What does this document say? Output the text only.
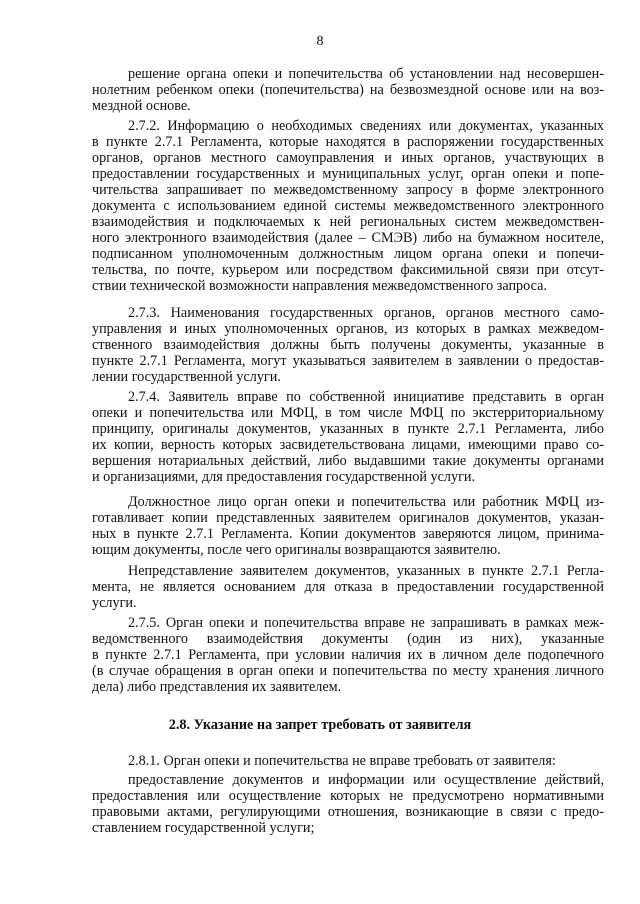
8
решение органа опеки и попечительства об установлении над несовершен-
нолетним ребенком опеки (попечительства) на безвозмездной основе или на воз-
мездной основе.
2.7.2. Информацию о необходимых сведениях или документах, указанных
в пункте 2.7.1 Регламента, которые находятся в распоряжении государственных
органов, органов местного самоуправления и иных органов, участвующих в
предоставлении государственных и муниципальных услуг, орган опеки и попе-
чительства запрашивает по межведомственному запросу в форме электронного
документа с использованием единой системы межведомственного электронного
взаимодействия и подключаемых к ней региональных систем межведомствен-
ного электронного взаимодействия (далее – СМЭВ) либо на бумажном носителе,
подписанном уполномоченным должностным лицом органа опеки и попечи-
тельства, по почте, курьером или посредством факсимильной связи при отсут-
ствии технической возможности направления межведомственного запроса.
2.7.3. Наименования государственных органов, органов местного само-
управления и иных уполномоченных органов, из которых в рамках межведом-
ственного взаимодействия должны быть получены документы, указанные в
пункте 2.7.1 Регламента, могут указываться заявителем в заявлении о предостав-
лении государственной услуги.
2.7.4. Заявитель вправе по собственной инициативе представить в орган
опеки и попечительства или МФЦ, в том числе МФЦ по экстерриториальному
принципу, оригиналы документов, указанных в пункте 2.7.1 Регламента, либо
их копии, верность которых засвидетельствована лицами, имеющими право со-
вершения нотариальных действий, либо выдавшими такие документы органами
и организациями, для предоставления государственной услуги.
Должностное лицо орган опеки и попечительства или работник МФЦ из-
готавливает копии представленных заявителем оригиналов документов, указан-
ных в пункте 2.7.1 Регламента. Копии документов заверяются лицом, принима-
ющим документы, после чего оригиналы возвращаются заявителю.
Непредставление заявителем документов, указанных в пункте 2.7.1 Регла-
мента, не является основанием для отказа в предоставлении государственной
услуги.
2.7.5. Орган опеки и попечительства вправе не запрашивать в рамках меж-
ведомственного взаимодействия документы (один из них), указанные
в пункте 2.7.1 Регламента, при условии наличия их в личном деле подопечного
(в случае обращения в орган опеки и попечительства по месту хранения личного
дела) либо представления их заявителем.
2.8. Указание на запрет требовать от заявителя
2.8.1. Орган опеки и попечительства не вправе требовать от заявителя:
предоставление документов и информации или осуществление действий,
предоставления или осуществление которых не предусмотрено нормативными
правовыми актами, регулирующими отношения, возникающие в связи с предо-
ставлением государственной услуги;
